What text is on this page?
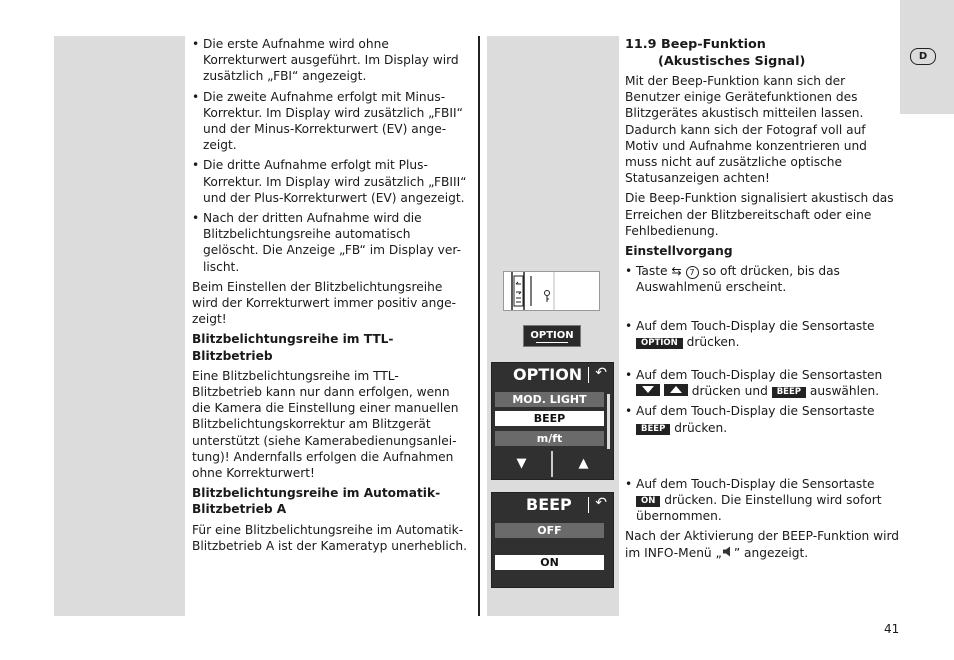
D
• Die erste Aufnahme wird ohne Korrekturwert ausgeführt. Im Display wird zusätzlich „FBI“ angezeigt.
• Die zweite Aufnahme erfolgt mit Minus-Korrektur. Im Display wird zusätzlich „FBII“ und der Minus-Korrekturwert (EV) ange-zeigt.
• Die dritte Aufnahme erfolgt mit Plus-Korrektur. Im Display wird zusätzlich „FBIII“ und der Plus-Korrekturwert (EV) angezeigt.
• Nach der dritten Aufnahme wird die Blitzbelichtungsreihe automatisch gelöscht. Die Anzeige „FB“ im Display ver-lischt.

Beim Einstellen der Blitzbelichtungsreihe wird der Korrekturwert immer positiv ange-zeigt!

Blitzbelichtungsreihe im TTL-Blitzbetrieb

Eine Blitzbelichtungsreihe im TTL-Blitzbetrieb kann nur dann erfolgen, wenn die Kamera die Einstellung einer manuellen Blitzbelichtungskorrektur am Blitzgerät unterstützt (siehe Kamerabedienungsanlei-tung)! Andernfalls erfolgen die Aufnahmen ohne Korrekturwert!

Blitzbelichtungsreihe im Automatik-Blitzbetrieb A

Für eine Blitzbelichtungsreihe im Automatik-Blitzbetrieb A ist der Kameratyp unerheblich.

OPTION
OPTION ↶
MOD. LIGHT
BEEP
m/ft
▼	▲
BEEP ↶
OFF
ON
11.9 Beep-Funktion
(Akustisches Signal)

Mit der Beep-Funktion kann sich der Benutzer einige Gerätefunktionen des Blitzgerätes akustisch mitteilen lassen. Dadurch kann sich der Fotograf voll auf Motiv und Aufnahme konzentrieren und muss nicht auf zusätzliche optische Statusanzeigen achten!

Die Beep-Funktion signalisiert akustisch das Erreichen der Blitzbereitschaft oder eine Fehlbedienung.

Einstellvorgang
• Taste ⇆ 7 so oft drücken, bis das Auswahlmenü erscheint.
• Auf dem Touch-Display die Sensortaste OPTION drücken.
• Auf dem Touch-Display die Sensortasten

drücken und BEEP auswählen.
• Auf dem Touch-Display die Sensortaste BEEP drücken.
• Auf dem Touch-Display die Sensortaste ON drücken. Die Einstellung wird sofort übernommen.

Nach der Aktivierung der BEEP-Funktion wird im INFO-Menü „ ” angezeigt.

41
